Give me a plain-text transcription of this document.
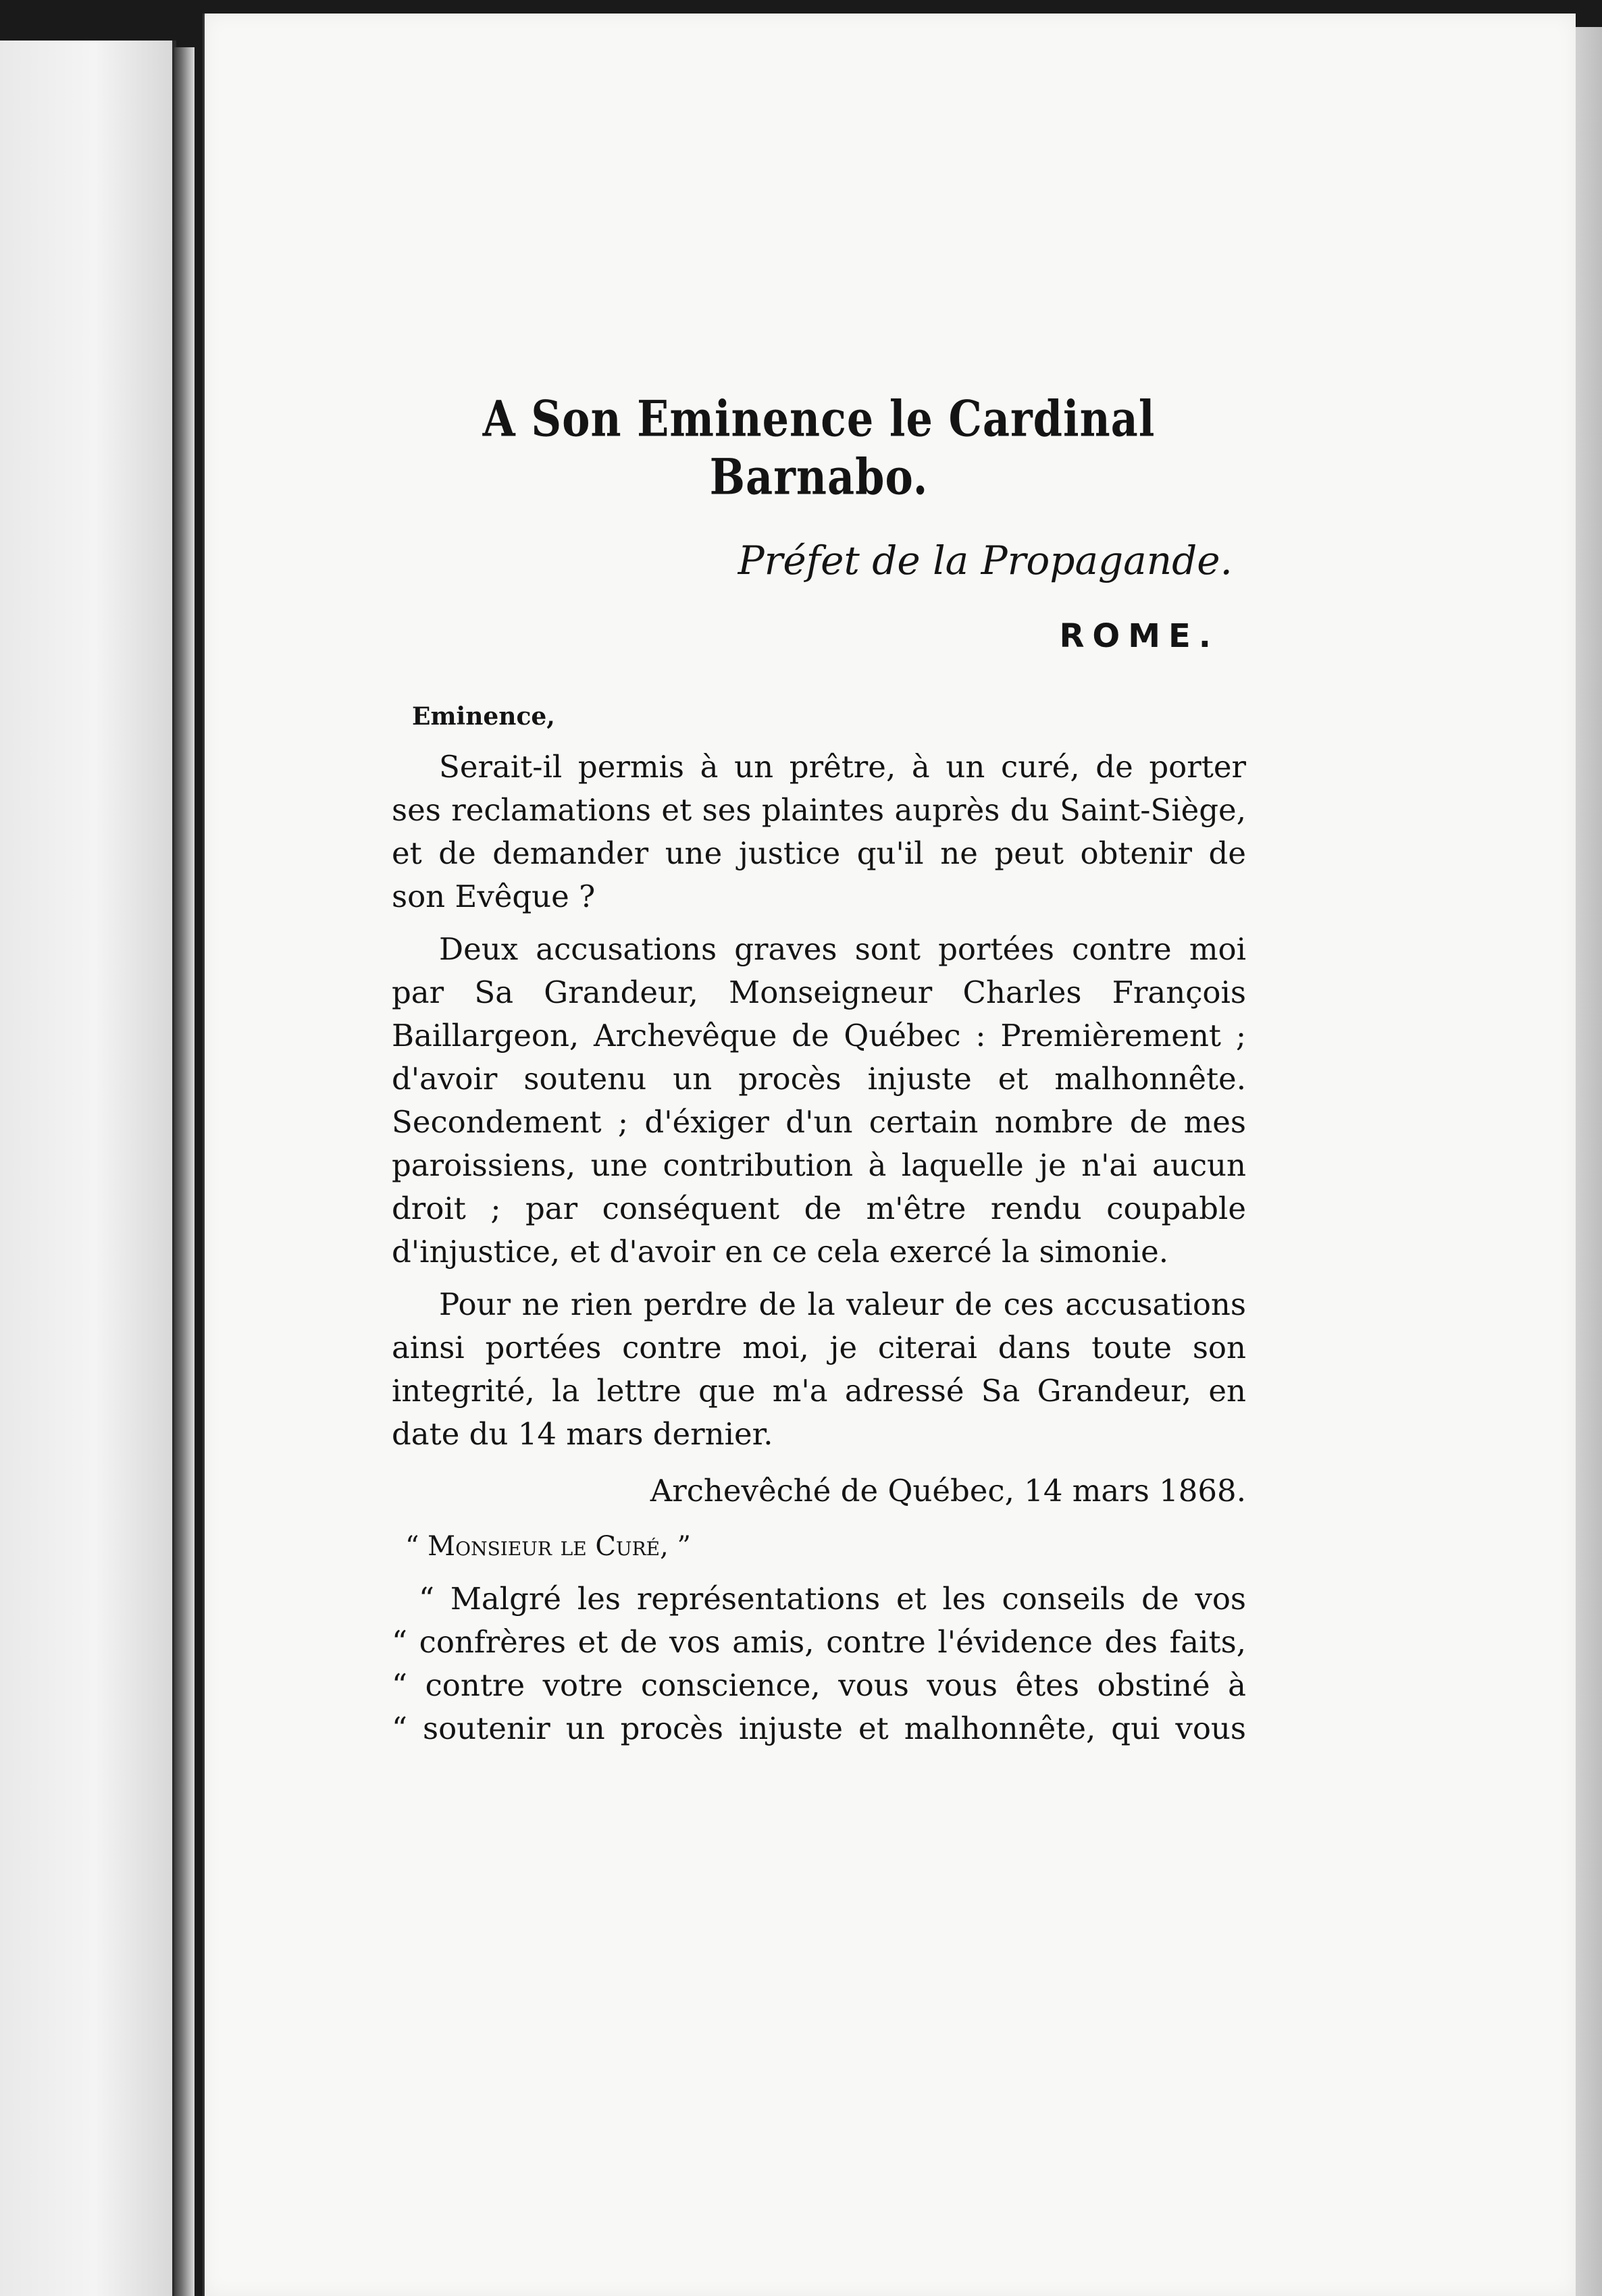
A Son Eminence le Cardinal Barnabo.
Préfet de la Propagande.
ROME.
Eminence,

Serait-il permis à un prêtre, à un curé, de porter ses reclamations et ses plaintes auprès du Saint-Siège, et de demander une justice qu'il ne peut obtenir de son Evêque ?

Deux accusations graves sont portées contre moi par Sa Grandeur, Monseigneur Charles François Baillargeon, Archevêque de Québec : Premièrement ; d'avoir soutenu un procès injuste et malhonnête. Secondement ; d'éxiger d'un certain nombre de mes paroissiens, une contribution à laquelle je n'ai aucun droit ; par conséquent de m'être rendu coupable d'injustice, et d'avoir en ce cela exercé la simonie.

Pour ne rien perdre de la valeur de ces accusations ainsi portées contre moi, je citerai dans toute son integrité, la lettre que m'a adressé Sa Grandeur, en date du 14 mars dernier.

Archevêché de Québec, 14 mars 1868.
“ Monsieur le Curé, ”
“ Malgré les représentations et les conseils de vos
“ confrères et de vos amis, contre l'évidence des faits,
“ contre votre conscience, vous vous êtes obstiné à
“ soutenir un procès injuste et malhonnête, qui vous
